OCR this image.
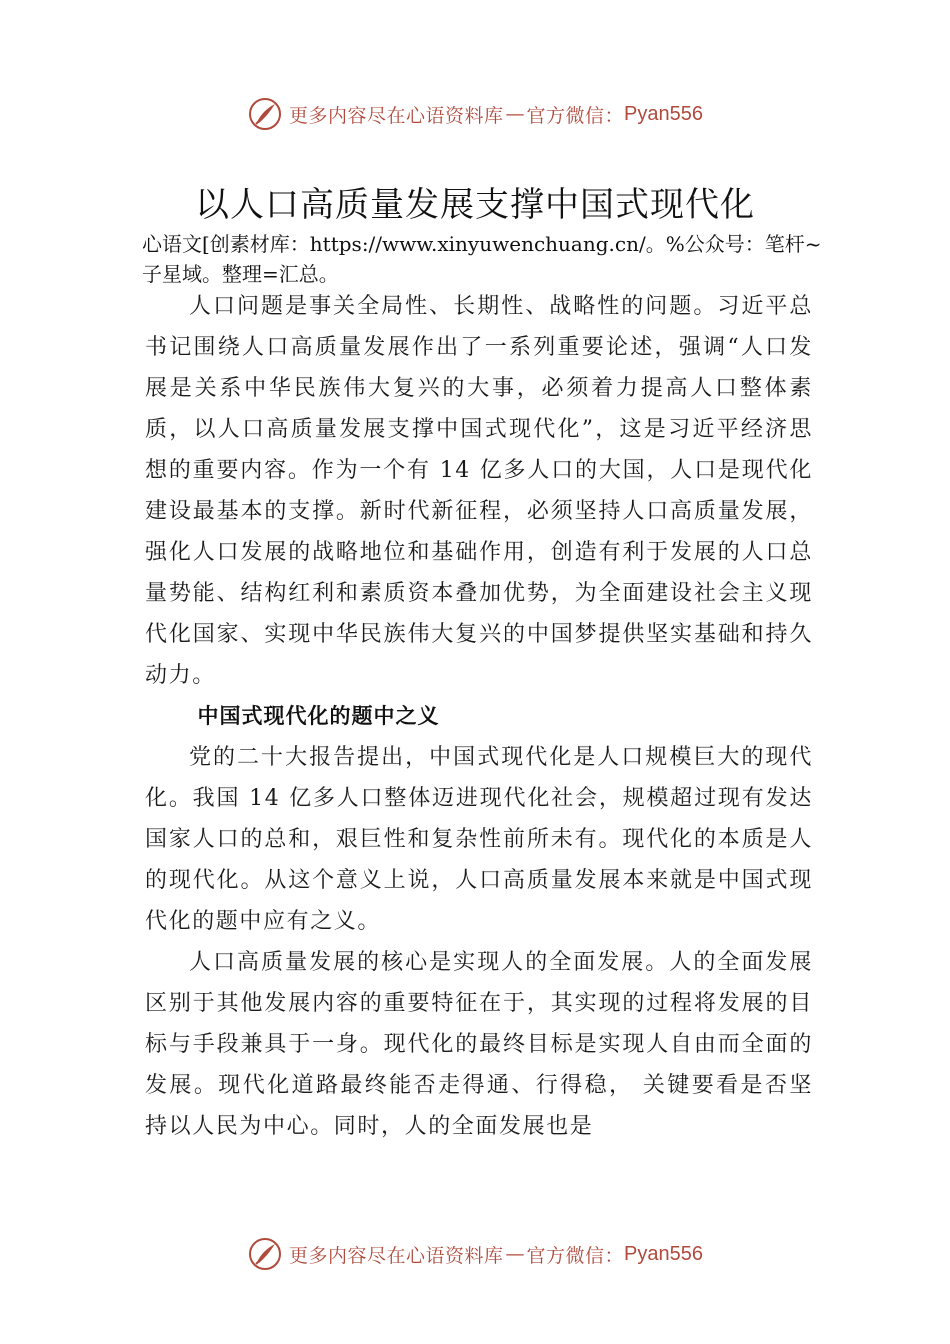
更多内容尽在心语资料库 — 官方微信： Pyan556
以人口高质量发展支撑中国式现代化
心语文[创素材库：https://www.xinyuwenchuang.cn/。%公众号：笔杆~子星域。整理=汇总。

人口问题是事关全局性、长期性、战略性的问题。习近平总书记围绕人口高质量发展作出了一系列重要论述，强调“人口发展是关系中华民族伟大复兴的大事，必须着力提高人口整体素质，以人口高质量发展支撑中国式现代化”，这是习近平经济思想的重要内容。作为一个有 14 亿多人口的大国，人口是现代化建设最基本的支撑。新时代新征程，必须坚持人口高质量发展，强化人口发展的战略地位和基础作用，创造有利于发展的人口总量势能、结构红利和素质资本叠加优势，为全面建设社会主义现代化国家、实现中华民族伟大复兴的中国梦提供坚实基础和持久动力。

中国式现代化的题中之义

党的二十大报告提出，中国式现代化是人口规模巨大的现代化。我国 14 亿多人口整体迈进现代化社会，规模超过现有发达国家人口的总和，艰巨性和复杂性前所未有。现代化的本质是人的现代化。从这个意义上说，人口高质量发展本来就是中国式现代化的题中应有之义。

人口高质量发展的核心是实现人的全面发展。人的全面发展区别于其他发展内容的重要特征在于，其实现的过程将发展的目标与手段兼具于一身。现代化的最终目标是实现人自由而全面的发展。现代化道路最终能否走得通、行得稳， 关键要看是否坚持以人民为中心。同时，人的全面发展也是

更多内容尽在心语资料库 — 官方微信： Pyan556
